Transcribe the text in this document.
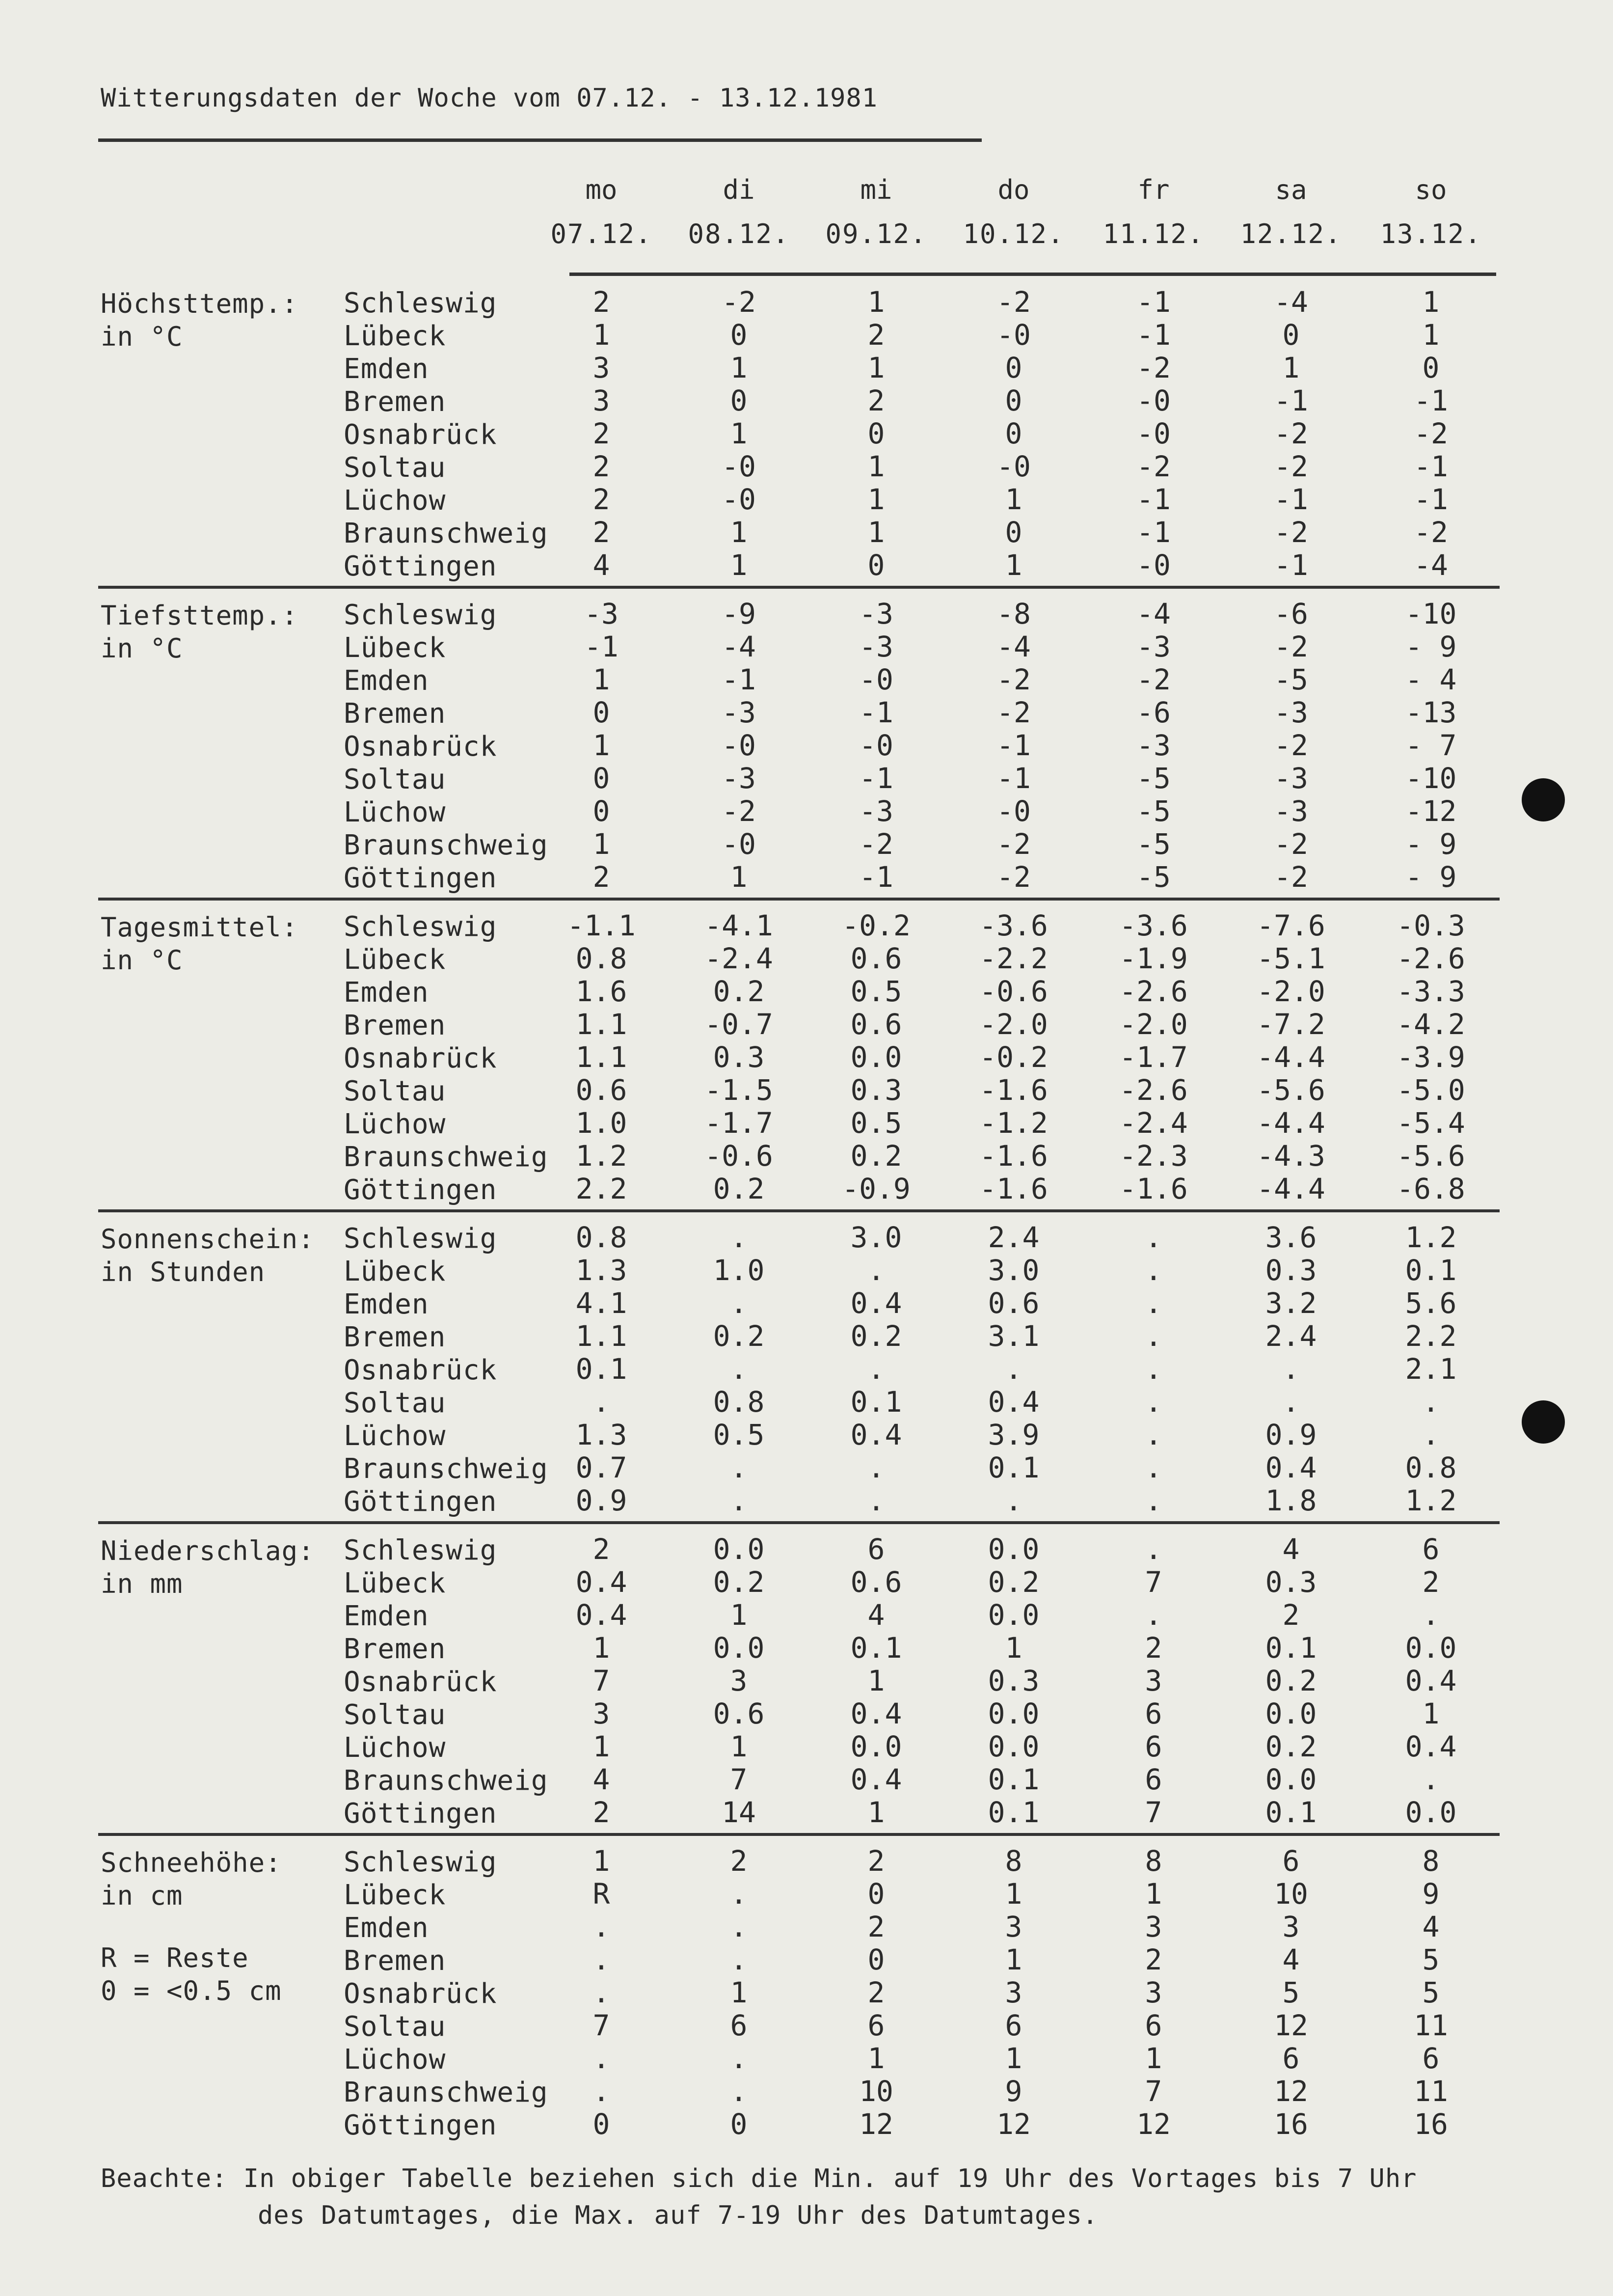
Witterungsdaten der Woche vom 07.12. - 13.12.1981
mo
07.12.
di
08.12.
mi
09.12.
do
10.12.
fr
11.12.
sa
12.12.
so
13.12.
Höchsttemp.:
in °C
Schleswig	2	-2	1	-2	-1	-4	1
Lübeck	1	0	2	-0	-1	0	1
Emden	3	1	1	0	-2	1	0
Bremen	3	0	2	0	-0	-1	-1
Osnabrück	2	1	0	0	-0	-2	-2
Soltau	2	-0	1	-0	-2	-2	-1
Lüchow	2	-0	1	1	-1	-1	-1
Braunschweig	2	1	1	0	-1	-2	-2
Göttingen	4	1	0	1	-0	-1	-4
Tiefsttemp.:
in °C
Schleswig	-3	-9	-3	-8	-4	-6	-10
Lübeck	-1	-4	-3	-4	-3	-2	- 9
Emden	1	-1	-0	-2	-2	-5	- 4
Bremen	0	-3	-1	-2	-6	-3	-13
Osnabrück	1	-0	-0	-1	-3	-2	- 7
Soltau	0	-3	-1	-1	-5	-3	-10
Lüchow	0	-2	-3	-0	-5	-3	-12
Braunschweig	1	-0	-2	-2	-5	-2	- 9
Göttingen	2	1	-1	-2	-5	-2	- 9
Tagesmittel:
in °C
Schleswig	-1.1	-4.1	-0.2	-3.6	-3.6	-7.6	-0.3
Lübeck	0.8	-2.4	0.6	-2.2	-1.9	-5.1	-2.6
Emden	1.6	0.2	0.5	-0.6	-2.6	-2.0	-3.3
Bremen	1.1	-0.7	0.6	-2.0	-2.0	-7.2	-4.2
Osnabrück	1.1	0.3	0.0	-0.2	-1.7	-4.4	-3.9
Soltau	0.6	-1.5	0.3	-1.6	-2.6	-5.6	-5.0
Lüchow	1.0	-1.7	0.5	-1.2	-2.4	-4.4	-5.4
Braunschweig 1.2	-0.6	0.2	-1.6	-2.3	-4.3	-5.6
Göttingen	2.2	0.2	-0.9	-1.6	-1.6	-4.4	-6.8
Sonnenschein:
in Stunden
Schleswig	0.8	.	3.0	2.4	.	3.6	1.2
Lübeck	1.3	1.0	.	3.0	.	0.3	0.1
Emden	4.1	.	0.4	0.6	.	3.2	5.6
Bremen	1.1	0.2	0.2	3.1	.	2.4	2.2
Osnabrück	0.1	.	.	.	.	.	2.1
Soltau	.	0.8	0.1	0.4	.	.	.
Lüchow	1.3	0.5	0.4	3.9	.	0.9	.
Braunschweig 0.7	.	.	0.1	.	0.4	0.8
Göttingen	0.9	.	.	.	.	1.8	1.2
Niederschlag:
in mm
Schleswig	2	0.0	6	0.0	.	4	6
Lübeck	0.4	0.2	0.6	0.2	7	0.3	2
Emden	0.4	1	4	0.0	.	2	.
Bremen	1	0.0	0.1	1	2	0.1	0.0
Osnabrück	7	3	1	0.3	3	0.2	0.4
Soltau	3	0.6	0.4	0.0	6	0.0	1
Lüchow	1	1	0.0	0.0	6	0.2	0.4
Braunschweig	4	7	0.4	0.1	6	0.0	.
Göttingen	2	14	1	0.1	7	0.1	0.0
Schneehöhe:
in cm
R = Reste
0 = <0.5 cm
Schleswig	1	2	2	8	8	6	8
Lübeck	R	.	0	1	1	10	9
Emden	.	.	2	3	3	3	4
Bremen	.	.	0	1	2	4	5
Osnabrück	.	1	2	3	3	5	5
Soltau	7	6	6	6	6	12	11
Lüchow	.	.	1	1	1	6	6
Braunschweig	.	.	10	9	7	12	11
Göttingen	0	0	12	12	12	16	16
Beachte: In obiger Tabelle beziehen sich die Min. auf 19 Uhr des Vortages bis 7 Uhr
des Datumtages, die Max. auf 7-19 Uhr des Datumtages.
